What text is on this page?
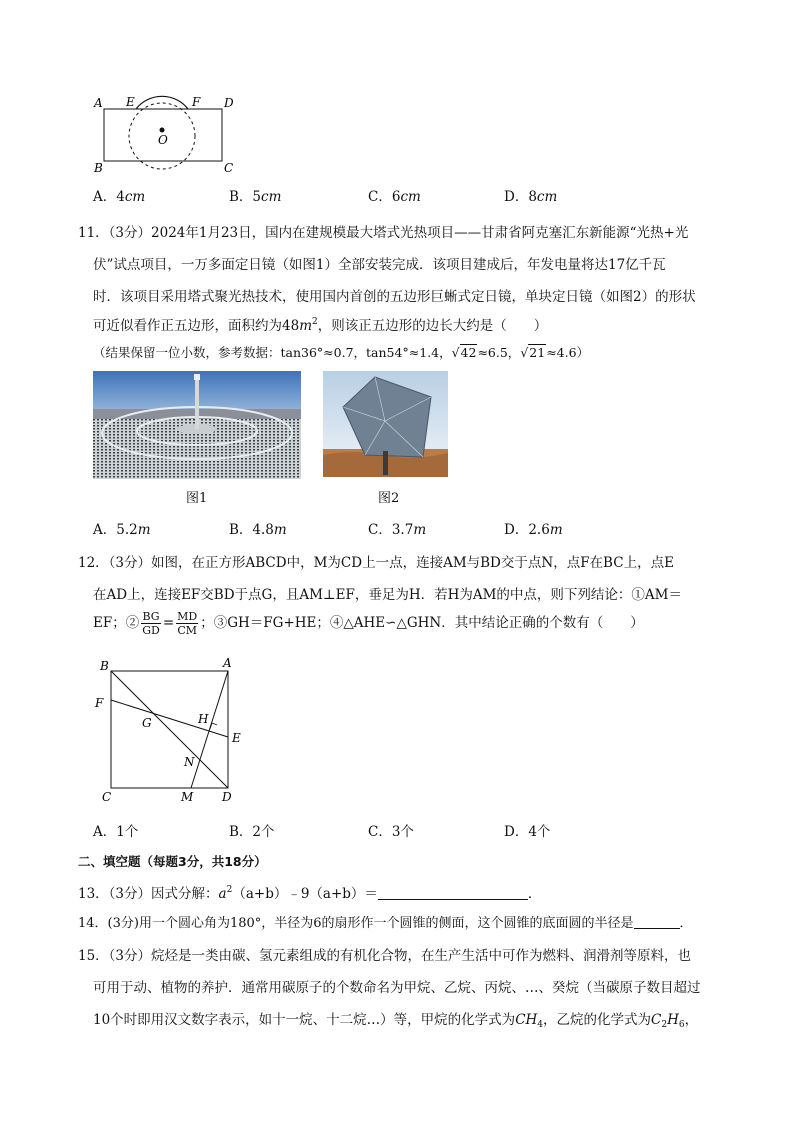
A E	F D
B	C
O
A．4cm	B．5cm	C．6cm	D．8cm
11．（3分）2024年1月23日，国内在建规模最大塔式光热项目——甘肃省阿克塞汇东新能源“光热+光
伏”试点项目，一万多面定日镜（如图1）全部安装完成．该项目建成后，年发电量将达17亿千瓦
时．该项目采用塔式聚光热技术，使用国内首创的五边形巨蜥式定日镜，单块定日镜（如图2）的形状
可近似看作正五边形，面积约为$48m^2$，则该正五边形的边长大约是（　　）
（结果保留一位小数，参考数据：tan36°≈0.7，tan54°≈1.4，√42≈6.5，√21≈4.6）
图1	图2
A．5.2m	B．4.8m	C．3.7m	D．2.6m
12．（3分）如图，在正方形ABCD中，M为CD上一点，连接AM与BD交于点N，点F在BC上，点E
在AD上，连接EF交BD于点G，且AM⊥EF，垂足为H．若H为AM的中点，则下列结论：①AM＝
EF；② $\frac{BG}{GD} = \frac{MD}{CM}$ ；③GH＝FG+HE；④△AHE∽△GHN．其中结论正确的个数有（　　）
B	A
F
G	H
E
N
C	M D
A．1个	B．2个	C．3个	D．4个
二、填空题（每题3分，共18分）
13．（3分）因式分解：$a^2(a+b)﹣9(a+b)=$	．
14．(3分)用一个圆心角为180°，半径为6的扇形作一个圆锥的侧面，这个圆锥的底面圆的半径是	．
15．（3分）烷烃是一类由碳、氢元素组成的有机化合物，在生产生活中可作为燃料、润滑剂等原料，也
可用于动、植物的养护．通常用碳原子的个数命名为甲烷、乙烷、丙烷、…、癸烷（当碳原子数目超过
10个时即用汉文数字表示，如十一烷、十二烷…）等，甲烷的化学式为$CH_4$，乙烷的化学式为$C_2H_6$，
